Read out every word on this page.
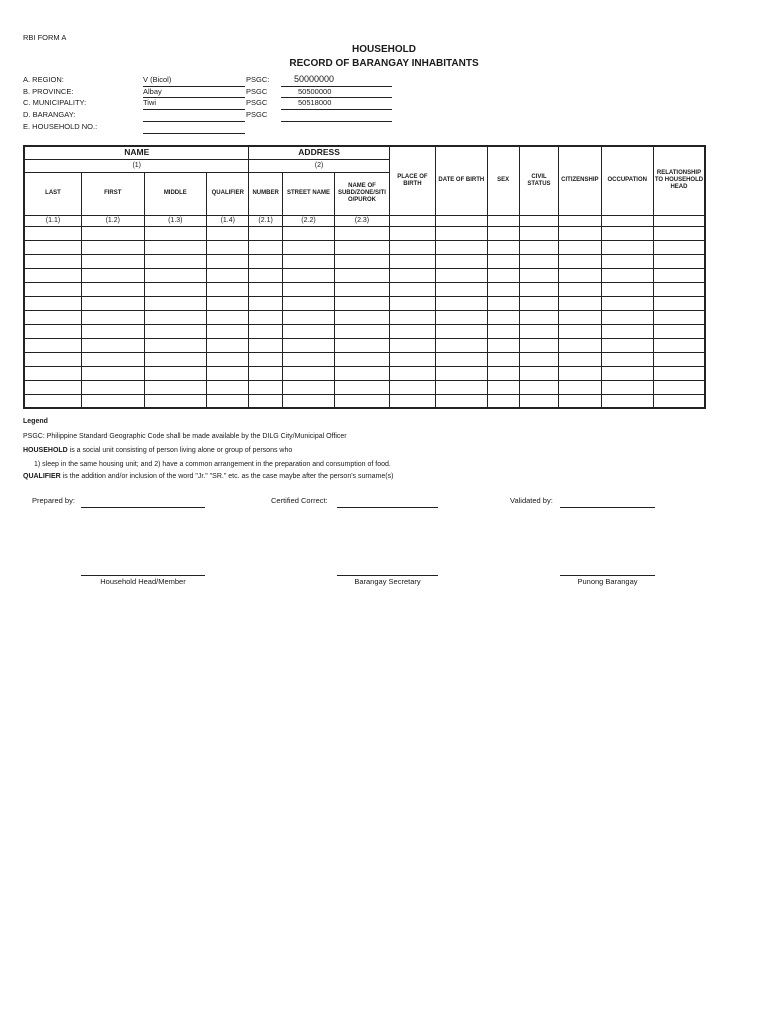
RBI FORM A
HOUSEHOLD
RECORD OF BARANGAY INHABITANTS
A. REGION:	V (Bicol)	PSGC:	50000000
B. PROVINCE:	Albay	PSGC	50500000
C. MUNICIPALITY:	Tiwi	PSGC	50518000
D. BARANGAY:	PSGC
E. HOUSEHOLD NO.:
NAME				ADDRESS			PLACE OF BIRTH	DATE OF BIRTH	SEX	CIVIL STATUS	CITIZENSHIP	OCCUPATION	RELATIONSHIP TO HOUSEHOLD HEAD
(1)				(2)									
LAST	FIRST	MIDDLE	QUALIFIER	NUMBER	STREET NAME	NAME OF SUBD/ZONE/SITI O/PUROK							
(1.1)	(1.2)	(1.3)	(1.4)	(2.1)	(2.2)	(2.3)							

Legend
PSGC: Philippine Standard Geographic Code shall be made available by the DILG City/Municipal Officer
HOUSEHOLD is a social unit consisting of person living alone or group of persons who
1) sleep in the same housing unit; and 2) have a common arrangement in the preparation and consumption of food.
QUALIFIER is the addition and/or inclusion of the word "Jr." "SR." etc. as the case maybe after the person's surname(s)
Prepared by:	Certified Correct:	Validated by:
Household Head/Member	Barangay Secretary	Punong Barangay
